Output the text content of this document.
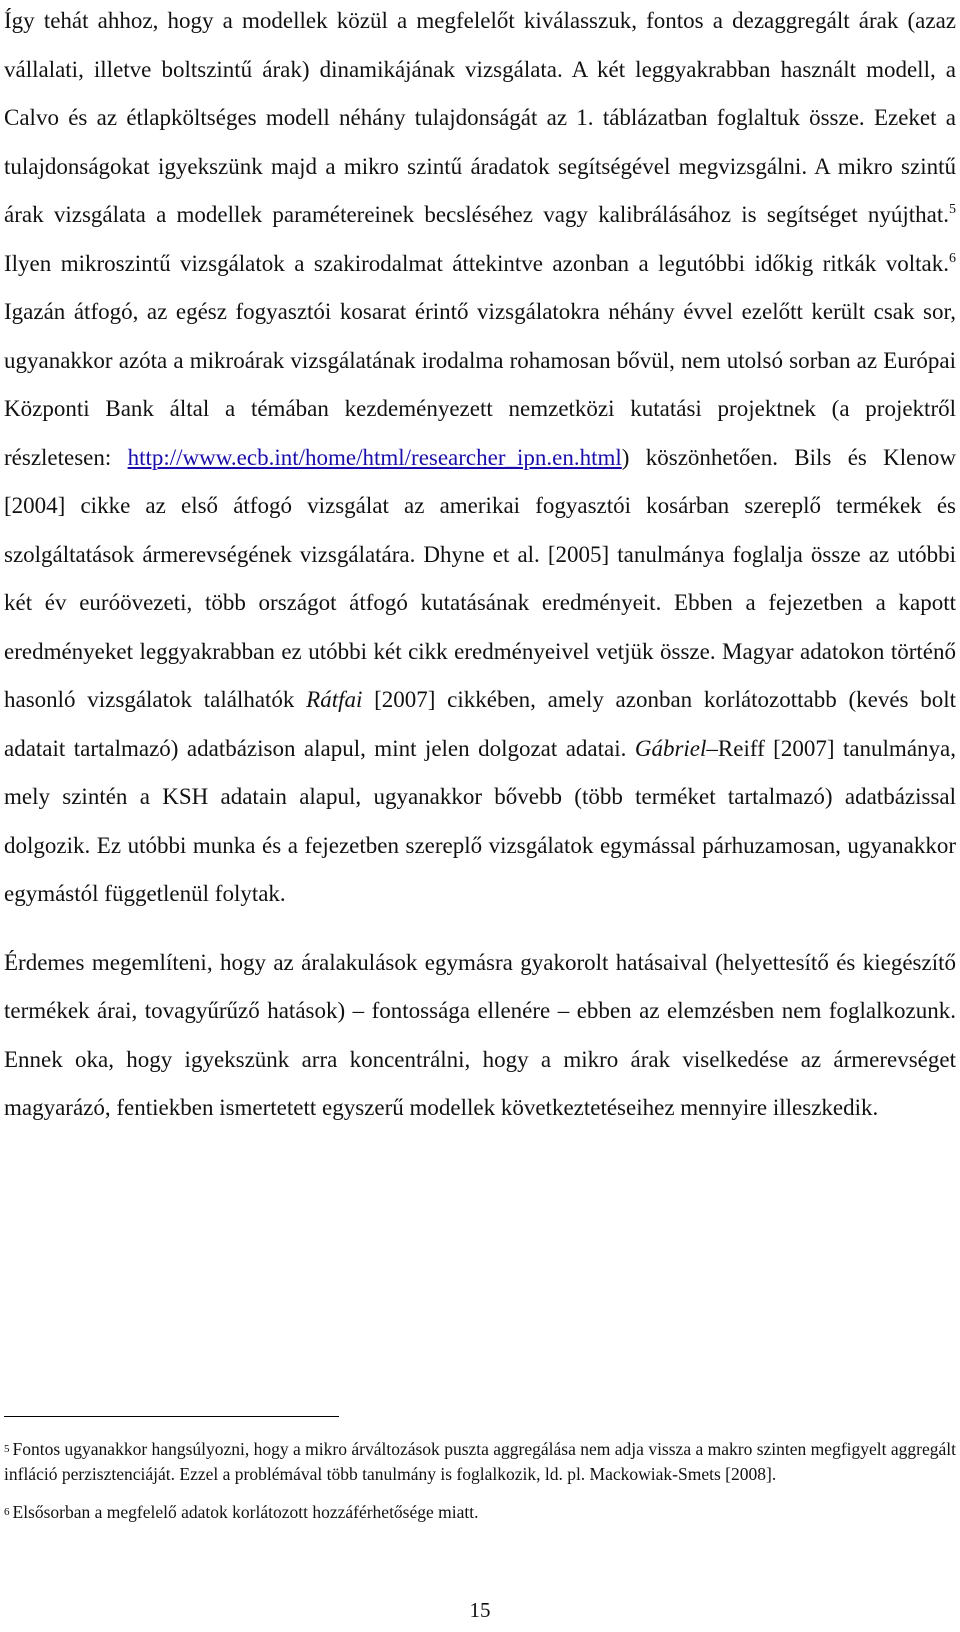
Így tehát ahhoz, hogy a modellek közül a megfelelőt kiválasszuk, fontos a dezaggregált árak (azaz vállalati, illetve boltszintű árak) dinamikájának vizsgálata. A két leggyakrabban használt modell, a Calvo és az étlapköltséges modell néhány tulajdonságát az 1. táblázatban foglaltuk össze. Ezeket a tulajdonságokat igyekszünk majd a mikro szintű áradatok segítségével megvizsgálni. A mikro szintű árak vizsgálata a modellek paramétereinek becsléséhez vagy kalibrálásához is segítséget nyújthat.$^5$ Ilyen mikroszintű vizsgálatok a szakirodalmat áttekintve azonban a legutóbbi időkig ritkák voltak.$^6$ Igazán átfogó, az egész fogyasztói kosarat érintő vizsgálatokra néhány évvel ezelőtt került csak sor, ugyanakkor azóta a mikroárak vizsgálatának irodalma rohamosan bővül, nem utolsó sorban az Európai Központi Bank által a témában kezdeményezett nemzetközi kutatási projektnek (a projektről részletesen: http://www.ecb.int/home/html/researcher_ipn.en.html) köszönhetően. Bils és Klenow [2004] cikke az első átfogó vizsgálat az amerikai fogyasztói kosárban szereplő termékek és szolgáltatások ármerevségének vizsgálatára. Dhyne et al. [2005] tanulmánya foglalja össze az utóbbi két év euróövezeti, több országot átfogó kutatásának eredményeit. Ebben a fejezetben a kapott eredményeket leggyakrabban ez utóbbi két cikk eredményeivel vetjük össze. Magyar adatokon történő hasonló vizsgálatok találhatók Rátfai [2007] cikkében, amely azonban korlátozottabb (kevés bolt adatait tartalmazó) adatbázison alapul, mint jelen dolgozat adatai. Gábriel–Reiff [2007] tanulmánya, mely szintén a KSH adatain alapul, ugyanakkor bővebb (több terméket tartalmazó) adatbázissal dolgozik. Ez utóbbi munka és a fejezetben szereplő vizsgálatok egymással párhuzamosan, ugyanakkor egymástól függetlenül folytak.

Érdemes megemlíteni, hogy az áralakulások egymásra gyakorolt hatásaival (helyettesítő és kiegészítő termékek árai, tovagyűrűző hatások) – fontossága ellenére – ebben az elemzésben nem foglalkozunk. Ennek oka, hogy igyekszünk arra koncentrálni, hogy a mikro árak viselkedése az ármerevséget magyarázó, fentiekben ismertetett egyszerű modellek következtetéseihez mennyire illeszkedik.

5 Fontos ugyanakkor hangsúlyozni, hogy a mikro árváltozások puszta aggregálása nem adja vissza a makro szinten megfigyelt aggregált infláció perzisztenciáját. Ezzel a problémával több tanulmány is foglalkozik, ld. pl. Mackowiak-Smets [2008].

6 Elsősorban a megfelelő adatok korlátozott hozzáférhetősége miatt.

15
